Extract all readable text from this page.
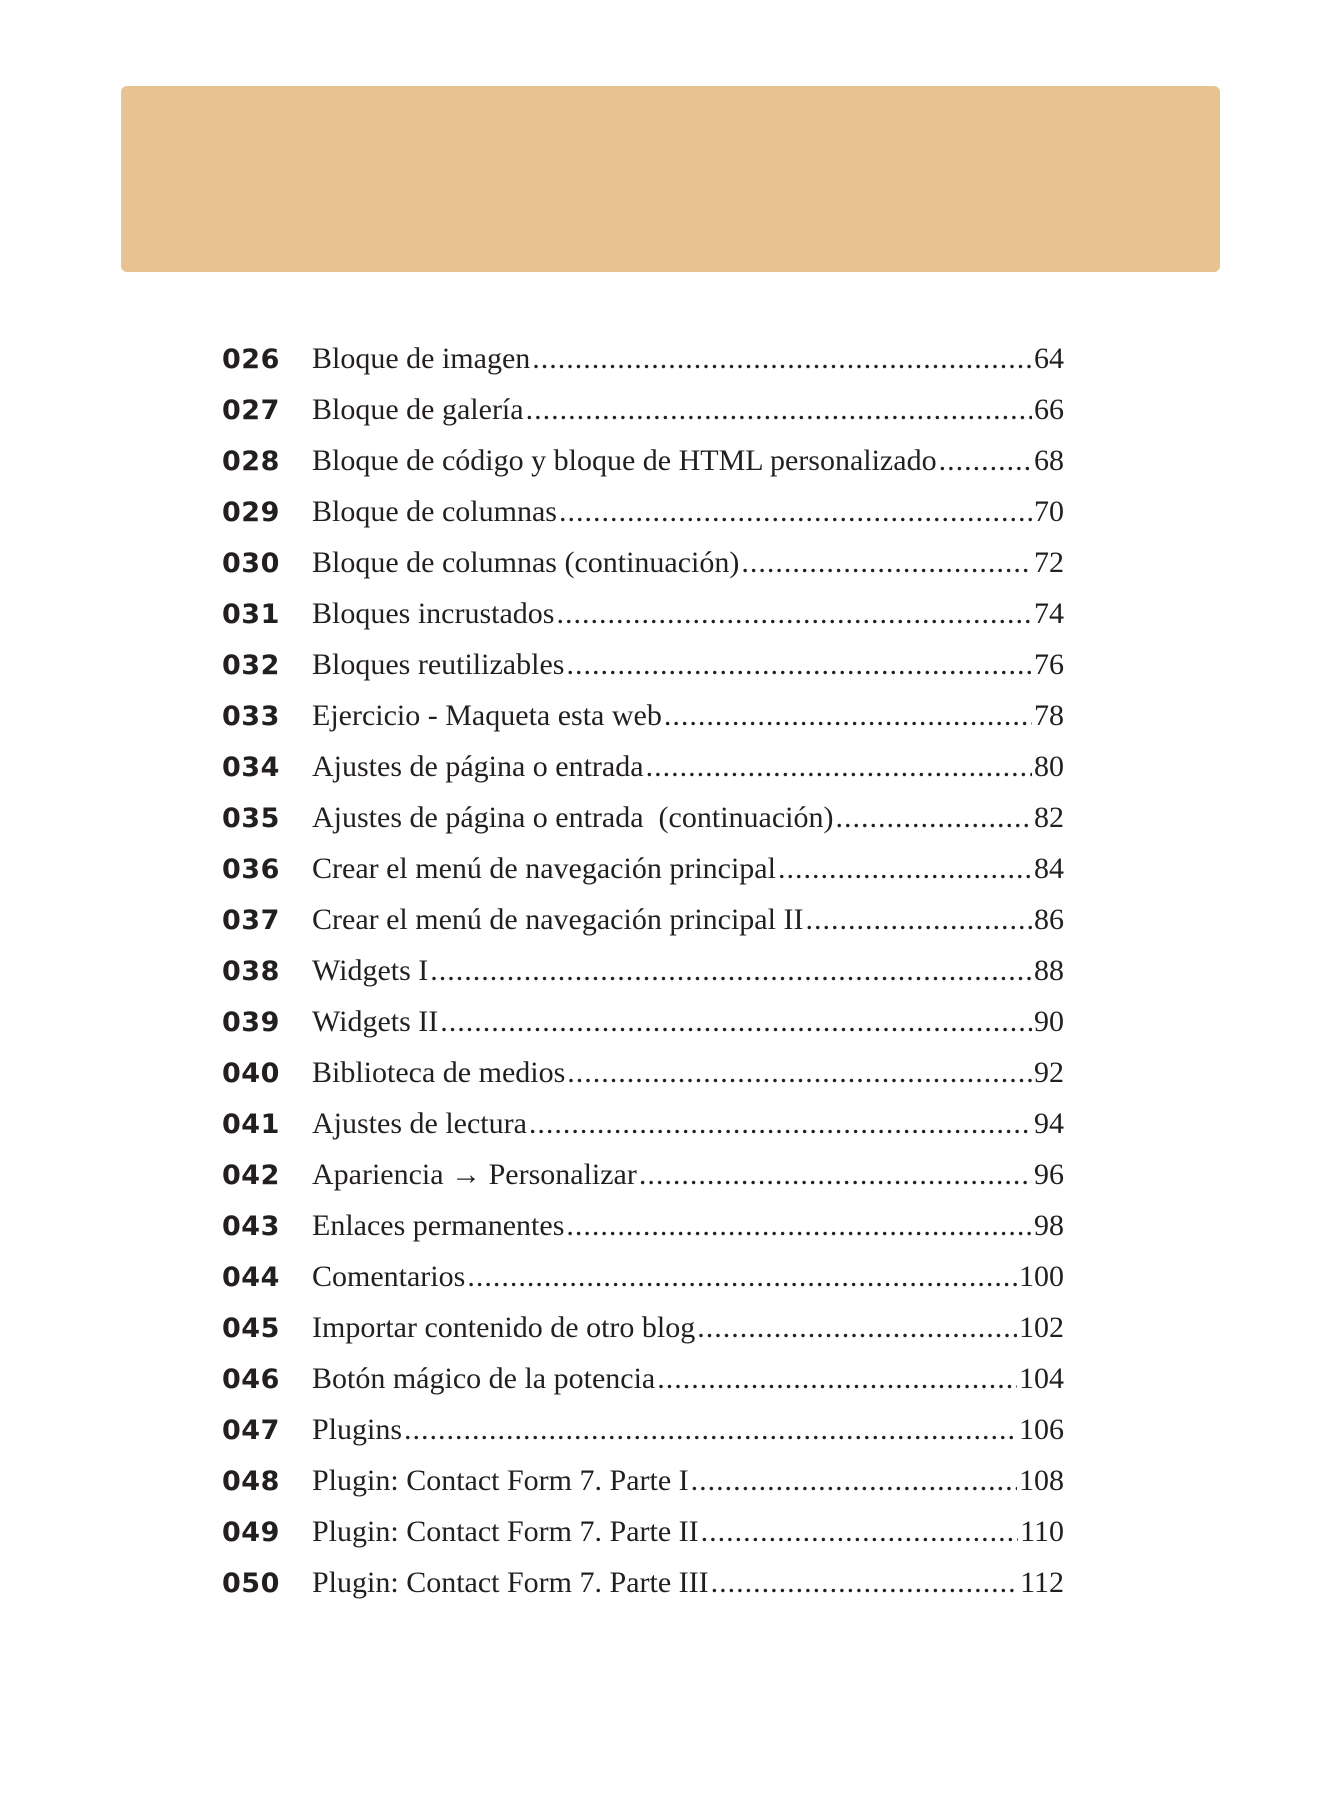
026	Bloque de imagen .....	64
027	Bloque de galería .....	66
028	Bloque de código y bloque de HTML personalizado .....	68
029	Bloque de columnas .....	70
030	Bloque de columnas (continuación) .....	72
031	Bloques incrustados .....	74
032	Bloques reutilizables .....	76
033	Ejercicio - Maqueta esta web .....	78
034	Ajustes de página o entrada .....	80
035	Ajustes de página o entrada  (continuación) .....	82
036	Crear el menú de navegación principal .....	84
037	Crear el menú de navegación principal II .....	86
038	Widgets I .....	88
039	Widgets II .....	90
040	Biblioteca de medios .....	92
041	Ajustes de lectura .....	94
042	Apariencia → Personalizar .....	96
043	Enlaces permanentes .....	98
044	Comentarios .....	100
045	Importar contenido de otro blog .....	102
046	Botón mágico de la potencia .....	104
047	Plugins .....	106
048	Plugin: Contact Form 7. Parte I .....	108
049	Plugin: Contact Form 7. Parte II .....	110
050	Plugin: Contact Form 7. Parte III .....	112
